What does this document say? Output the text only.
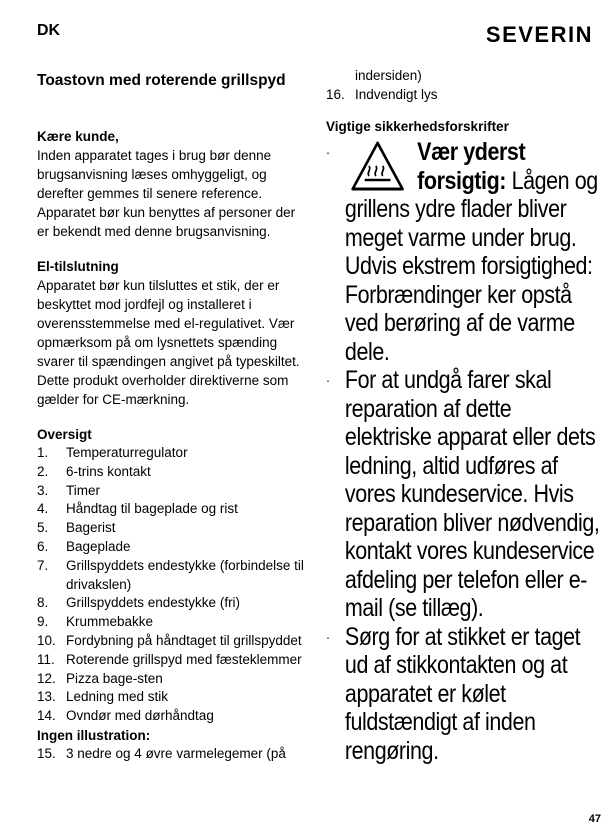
DK	SEVERIN
Toastovn med roterende grillspyd
Kære kunde,

Inden apparatet tages i brug bør denne brugsanvisning læses omhyggeligt, og derefter gemmes til senere reference. Apparatet bør kun benyttes af personer der er bekendt med denne brugsanvisning.

El-tilslutning

Apparatet bør kun tilsluttes et stik, der er beskyttet mod jordfejl og installeret i overensstemmelse med el-regulativet. Vær opmærksom på om lysnettets spænding svarer til spændingen angivet på typeskiltet. Dette produkt overholder direktiverne som gælder for CE-mærkning.

Oversigt
1.	Temperaturregulator
2.	6-trins kontakt
3.	Timer
4.	Håndtag til bageplade og rist
5.	Bagerist
6.	Bageplade
7.	Grillspyddets endestykke (forbindelse til drivakslen)
8.	Grillspyddets endestykke (fri)
9.	Krummebakke
10. Fordybning på håndtaget til grillspyddet
11. Roterende grillspyd med fæsteklemmer
12. Pizza bage-sten
13. Ledning med stik
14. Ovndør med dørhåndtag
Ingen illustration:
15. 3 nedre og 4 øvre varmelegemer (på
indersiden)
16. Indvendigt lys
Vigtige sikkerhedsforskrifter
·	Vær yderst forsigtig: Lågen og grillens ydre flader bliver meget varme under brug. Udvis ekstrem forsigtighed: Forbrændinger ker opstå ved berøring af de varme dele.
· For at undgå farer skal reparation af dette elektriske apparat eller dets ledning, altid udføres af vores kundeservice. Hvis reparation bliver nødvendig, kontakt vores kundeservice afdeling per telefon eller e-mail (se tillæg).
· Sørg for at stikket er taget ud af stikkontakten og at apparatet er kølet fuldstændigt af inden rengøring.
47
